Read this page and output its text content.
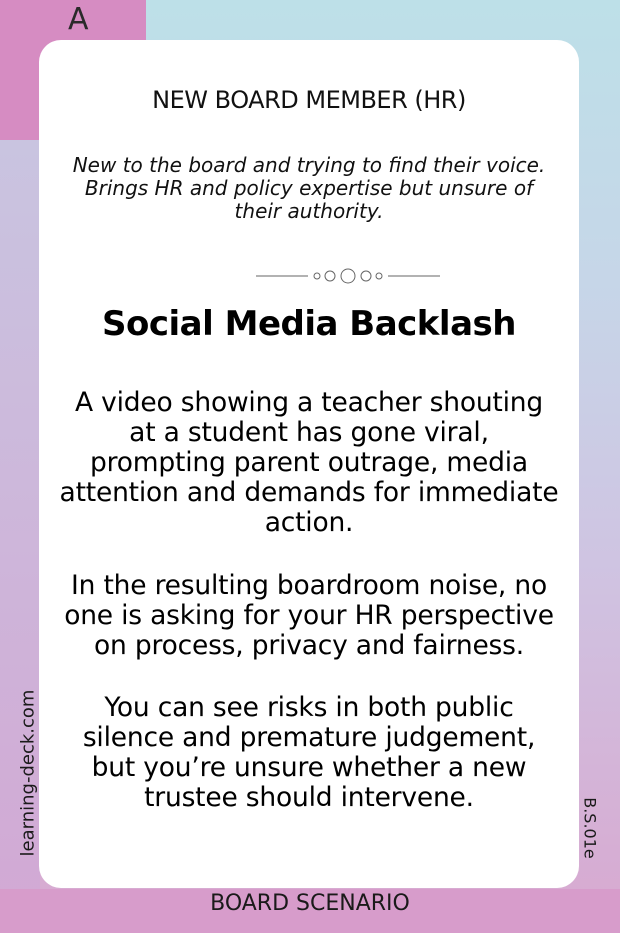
A
NEW BOARD MEMBER (HR)
New to the board and trying to find their voice. Brings HR and policy expertise but unsure of their authority.
Social Media Backlash
A video showing a teacher shouting at a student has gone viral, prompting parent outrage, media attention and demands for immediate action.
In the resulting boardroom noise, no one is asking for your HR perspective on process, privacy and fairness.
You can see risks in both public silence and premature judgement, but you’re unsure whether a new trustee should intervene.
learning-deck.com	B.S.01e
BOARD SCENARIO
